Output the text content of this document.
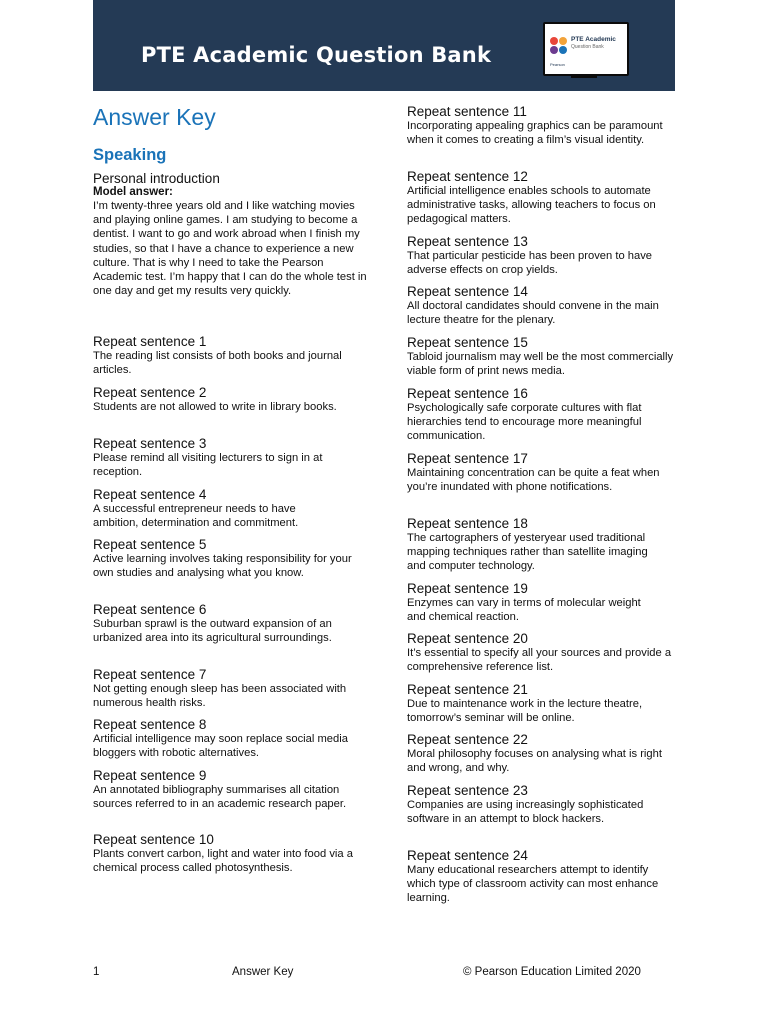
PTE Academic Question Bank
PTE Academic
Question Bank
Pearson
Answer Key
Speaking
Personal introduction
Model answer:
I’m twenty-three years old and I like watching movies and playing online games. I am studying to become a dentist. I want to go and work abroad when I finish my studies, so that I have a chance to experience a new culture. That is why I need to take the Pearson Academic test. I’m happy that I can do the whole test in one day and get my results very quickly.
Repeat sentence 1
The reading list consists of both books and journal articles.
Repeat sentence 2
Students are not allowed to write in library books.
Repeat sentence 3
Please remind all visiting lecturers to sign in at reception.
Repeat sentence 4
A successful entrepreneur needs to have ambition, determination and commitment.
Repeat sentence 5
Active learning involves taking responsibility for your own studies and analysing what you know.
Repeat sentence 6
Suburban sprawl is the outward expansion of an urbanized area into its agricultural surroundings.
Repeat sentence 7
Not getting enough sleep has been associated with numerous health risks.
Repeat sentence 8
Artificial intelligence may soon replace social media bloggers with robotic alternatives.
Repeat sentence 9
An annotated bibliography summarises all citation sources referred to in an academic research paper.
Repeat sentence 10
Plants convert carbon, light and water into food via a chemical process called photosynthesis.
Repeat sentence 11
Incorporating appealing graphics can be paramount when it comes to creating a film’s visual identity.
Repeat sentence 12
Artificial intelligence enables schools to automate administrative tasks, allowing teachers to focus on pedagogical matters.
Repeat sentence 13
That particular pesticide has been proven to have adverse effects on crop yields.
Repeat sentence 14
All doctoral candidates should convene in the main lecture theatre for the plenary.
Repeat sentence 15
Tabloid journalism may well be the most commercially viable form of print news media.
Repeat sentence 16
Psychologically safe corporate cultures with flat hierarchies tend to encourage more meaningful communication.
Repeat sentence 17
Maintaining concentration can be quite a feat when you’re inundated with phone notifications.
Repeat sentence 18
The cartographers of yesteryear used traditional mapping techniques rather than satellite imaging and computer technology.
Repeat sentence 19
Enzymes can vary in terms of molecular weight and chemical reaction.
Repeat sentence 20
It’s essential to specify all your sources and provide a comprehensive reference list.
Repeat sentence 21
Due to maintenance work in the lecture theatre, tomorrow’s seminar will be online.
Repeat sentence 22
Moral philosophy focuses on analysing what is right and wrong, and why.
Repeat sentence 23
Companies are using increasingly sophisticated software in an attempt to block hackers.
Repeat sentence 24
Many educational researchers attempt to identify which type of classroom activity can most enhance learning.
1	Answer Key	© Pearson Education Limited 2020
